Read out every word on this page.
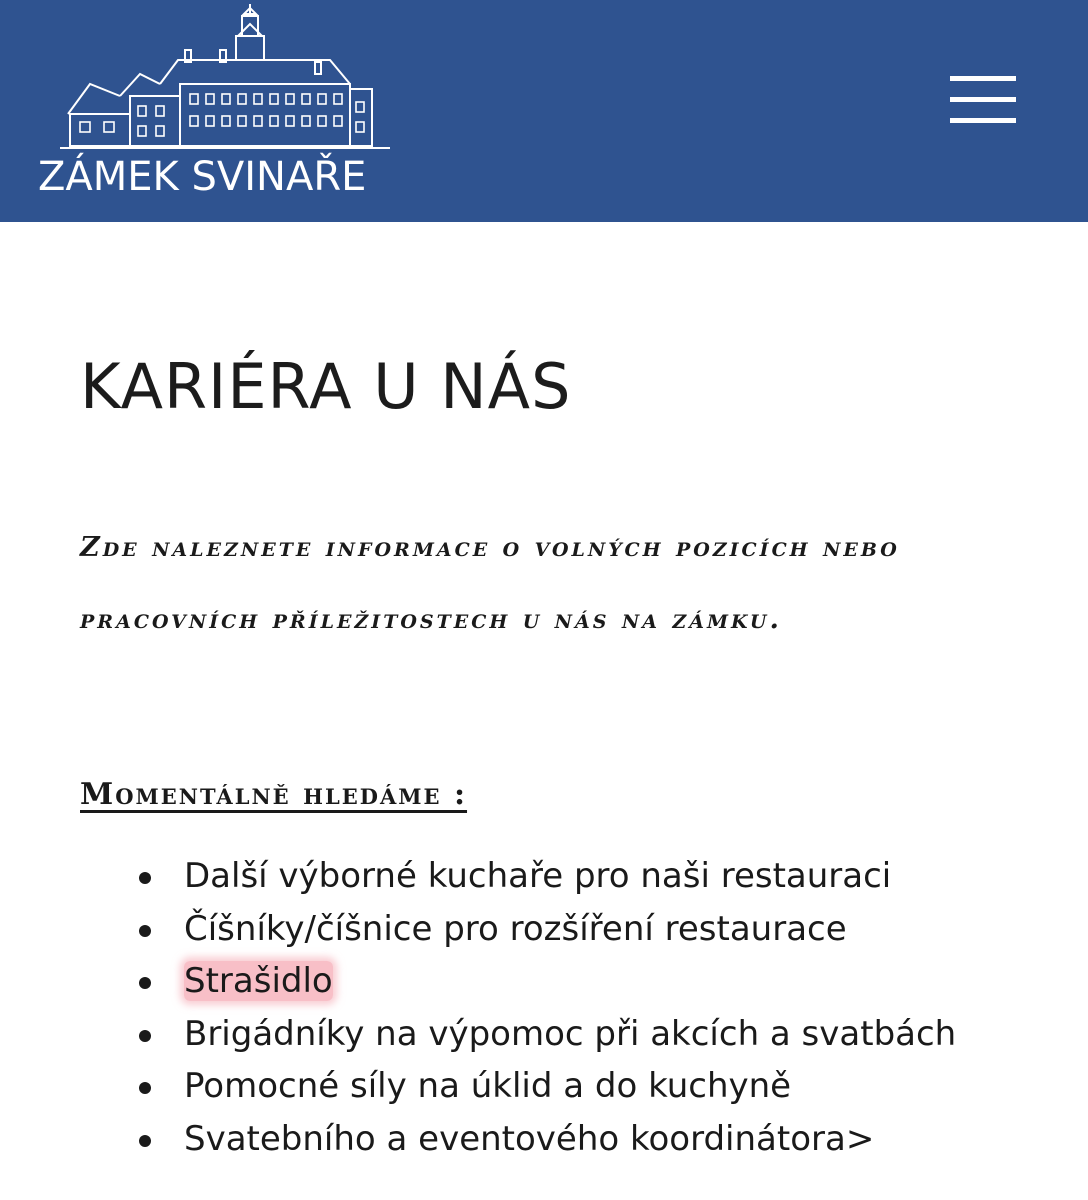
ZÁMEK SVINAŘE
KARIÉRA U NÁS

Zde naleznete informace o volných pozicích nebo pracovních příležitostech u nás na zámku.

Momentálně hledáme :
Další výborné kuchaře pro naši restauraci
Číšníky/číšnice pro rozšíření restaurace
Strašidlo
Brigádníky na výpomoc při akcích a svatbách
Pomocné síly na úklid a do kuchyně
Svatebního a eventového koordinátora>
